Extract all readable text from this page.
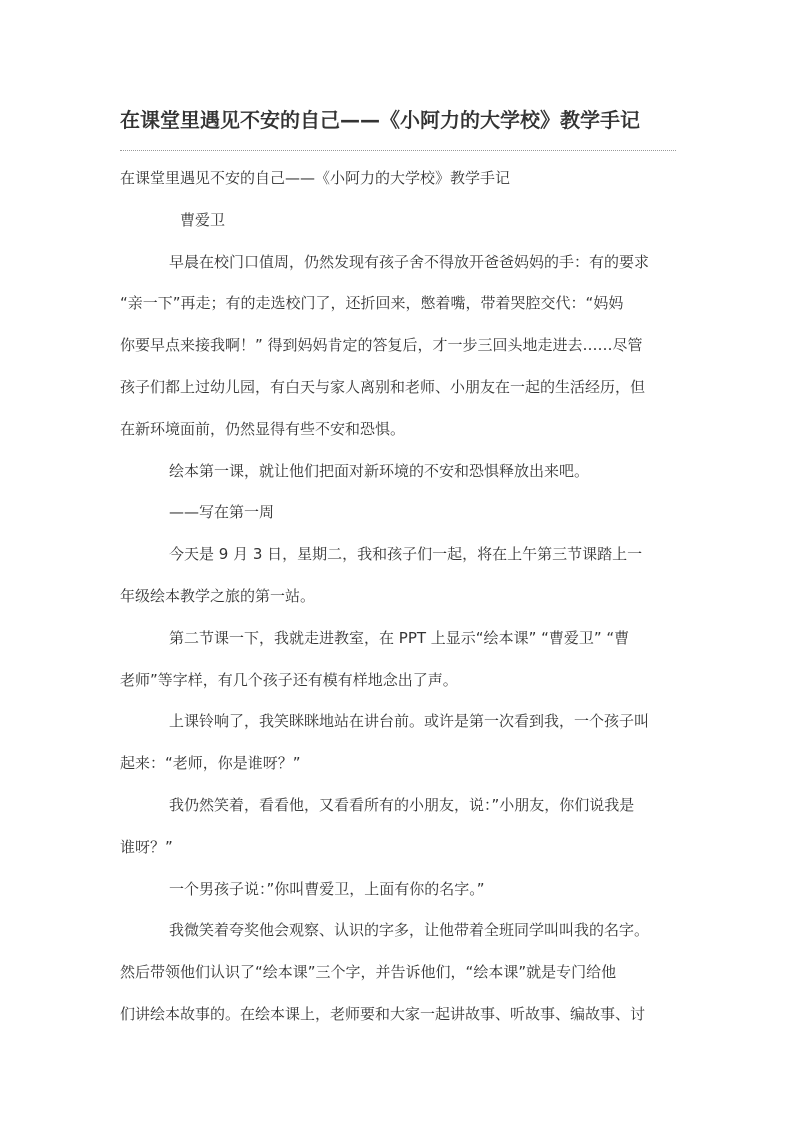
在课堂里遇见不安的自己——《小阿力的大学校》教学手记

在课堂里遇见不安的自己——《小阿力的大学校》教学手记

曹爱卫

早晨在校门口值周，仍然发现有孩子舍不得放开爸爸妈妈的手：有的要求

“亲一下”再走；有的走选校门了，还折回来，憋着嘴，带着哭腔交代：“妈妈

你要早点来接我啊！” 得到妈妈肯定的答复后，才一步三回头地走进去……尽管

孩子们都上过幼儿园，有白天与家人离别和老师、小朋友在一起的生活经历，但

在新环境面前，仍然显得有些不安和恐惧。

绘本第一课，就让他们把面对新环境的不安和恐惧释放出来吧。

——写在第一周

今天是 9 月 3 日，星期二，我和孩子们一起，将在上午第三节课踏上一

年级绘本教学之旅的第一站。

第二节课一下，我就走进教室，在 PPT 上显示“绘本课” “曹爱卫” “曹

老师”等字样，有几个孩子还有模有样地念出了声。

上课铃响了，我笑眯眯地站在讲台前。或许是第一次看到我，一个孩子叫

起来：“老师，你是谁呀？”

我仍然笑着，看看他，又看看所有的小朋友，说：”小朋友，你们说我是

谁呀？”

一个男孩子说：”你叫曹爱卫，上面有你的名字。”

我微笑着夸奖他会观察、认识的字多，让他带着全班同学叫叫我的名字。

然后带领他们认识了“绘本课”三个字，并告诉他们，“绘本课”就是专门给他

们讲绘本故事的。在绘本课上，老师要和大家一起讲故事、听故事、编故事、讨
